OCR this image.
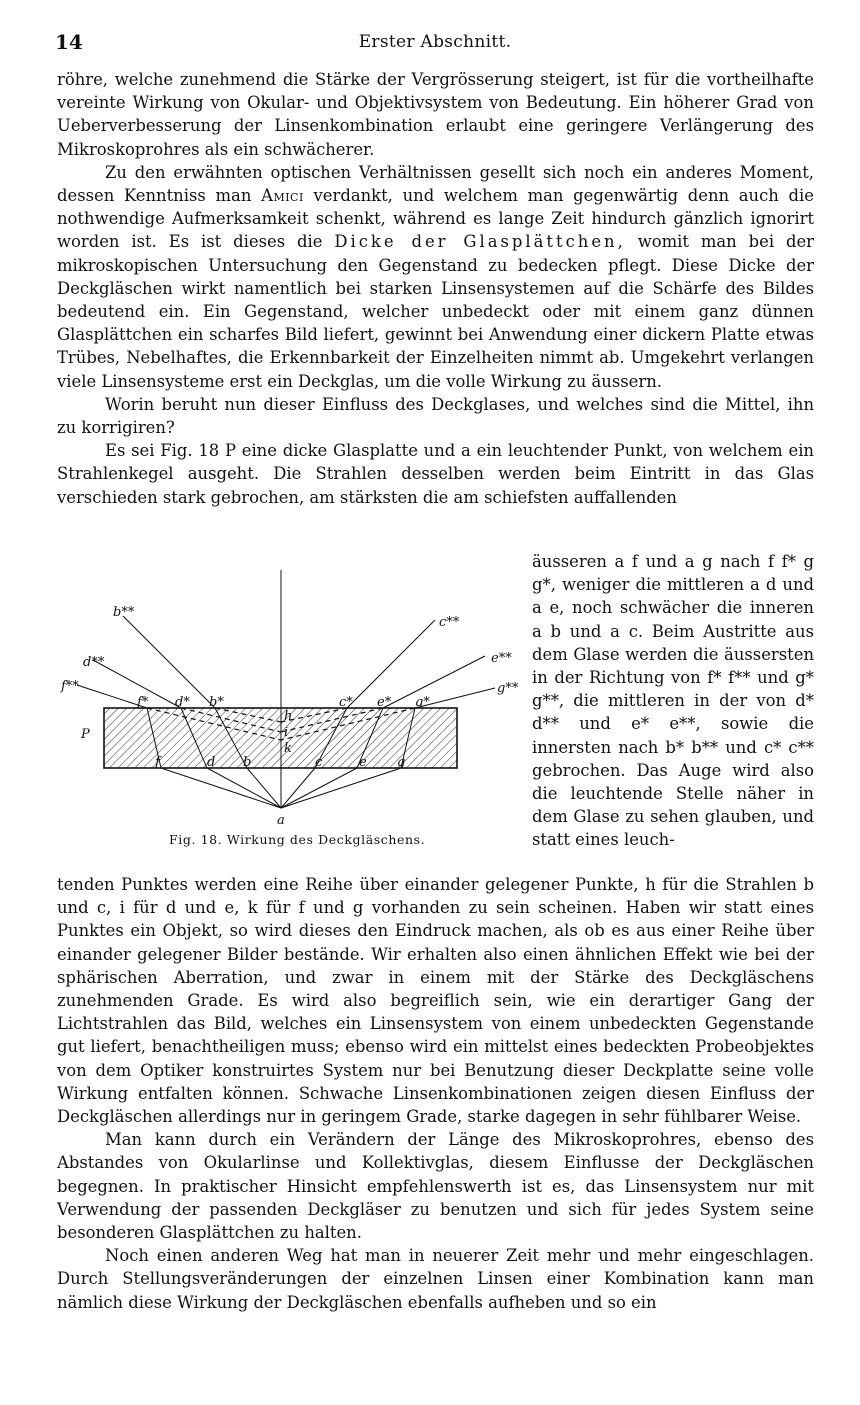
14	Erster Abschnitt.

röhre, welche zunehmend die Stärke der Vergrösserung steigert, ist für die vortheilhafte vereinte Wirkung von Okular- und Objektivsystem von Bedeutung. Ein höherer Grad von Ueberverbesserung der Linsenkombination erlaubt eine geringere Verlängerung des Mikroskoprohres als ein schwächerer.

Zu den erwähnten optischen Verhältnissen gesellt sich noch ein anderes Moment, dessen Kenntniss man Amici verdankt, und welchem man gegenwärtig denn auch die nothwendige Aufmerksamkeit schenkt, während es lange Zeit hindurch gänzlich ignorirt worden ist. Es ist dieses die Dicke der Glasplättchen, womit man bei der mikroskopischen Untersuchung den Gegenstand zu bedecken pflegt. Diese Dicke der Deckgläschen wirkt namentlich bei starken Linsensystemen auf die Schärfe des Bildes bedeutend ein. Ein Gegenstand, welcher unbedeckt oder mit einem ganz dünnen Glasplättchen ein scharfes Bild liefert, gewinnt bei Anwendung einer dickern Platte etwas Trübes, Nebelhaftes, die Erkennbarkeit der Einzelheiten nimmt ab. Umgekehrt verlangen viele Linsensysteme erst ein Deckglas, um die volle Wirkung zu äussern.

Worin beruht nun dieser Einfluss des Deckglases, und welches sind die Mittel, ihn zu korrigiren?

Es sei Fig. 18 P eine dicke Glasplatte und a ein leuchtender Punkt, von welchem ein Strahlenkegel ausgeht. Die Strahlen desselben werden beim Eintritt in das Glas verschieden stark gebrochen, am stärksten die am schiefsten auffallenden

b**
c**
d**	e**
f**	g**
f* d* b*	c* e* g*
P
h
i
k
f	d b	c	e g
a
Fig. 18. Wirkung des Deckgläschens.

äusseren a f und a g nach f f* g g*, weniger die mittleren a d und a e, noch schwächer die inneren a b und a c. Beim Austritte aus dem Glase werden die äussersten in der Richtung von f* f** und g* g**, die mittleren in der von d* d** und e* e**, sowie die innersten nach b* b** und c* c** gebrochen. Das Auge wird also die leuchtende Stelle näher in dem Glase zu sehen glauben, und statt eines leuch-

tenden Punktes werden eine Reihe über einander gelegener Punkte, h für die Strahlen b und c, i für d und e, k für f und g vorhanden zu sein scheinen. Haben wir statt eines Punktes ein Objekt, so wird dieses den Eindruck machen, als ob es aus einer Reihe über einander gelegener Bilder bestände. Wir erhalten also einen ähnlichen Effekt wie bei der sphärischen Aberration, und zwar in einem mit der Stärke des Deckgläschens zunehmenden Grade. Es wird also begreiflich sein, wie ein derartiger Gang der Lichtstrahlen das Bild, welches ein Linsensystem von einem unbedeckten Gegenstande gut liefert, benachtheiligen muss; ebenso wird ein mittelst eines bedeckten Probeobjektes von dem Optiker konstruirtes System nur bei Benutzung dieser Deckplatte seine volle Wirkung entfalten können. Schwache Linsenkombinationen zeigen diesen Einfluss der Deckgläschen allerdings nur in geringem Grade, starke dagegen in sehr fühlbarer Weise.

Man kann durch ein Verändern der Länge des Mikroskoprohres, ebenso des Abstandes von Okularlinse und Kollektivglas, diesem Einflusse der Deckgläschen begegnen. In praktischer Hinsicht empfehlenswerth ist es, das Linsensystem nur mit Verwendung der passenden Deckgläser zu benutzen und sich für jedes System seine besonderen Glasplättchen zu halten.

Noch einen anderen Weg hat man in neuerer Zeit mehr und mehr eingeschlagen. Durch Stellungsveränderungen der einzelnen Linsen einer Kombination kann man nämlich diese Wirkung der Deckgläschen ebenfalls aufheben und so ein
